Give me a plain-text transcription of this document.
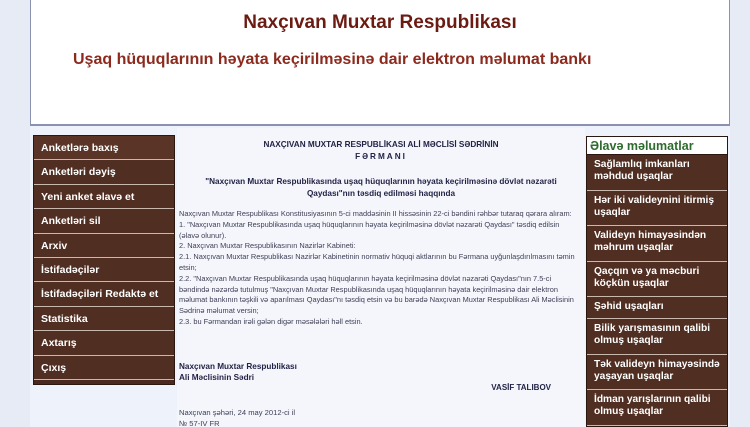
Naxçıvan Muxtar Respublikası
Uşaq hüquqlarının həyata keçirilməsinə dair elektron məlumat bankı
Anketlərə baxış
Anketləri dəyiş
Yeni anket əlavə et
Anketləri sil
Arxiv
İstifadəçilər
İstifadəçiləri Redaktə et
Statistika
Axtarış
Çıxış
NAXÇIVAN MUXTAR RESPUBLİKASI ALİ MƏCLİSİ SƏDRİNİN
FƏRMANI
"Naxçıvan Muxtar Respublikasında uşaq hüquqlarının həyata keçirilməsinə dövlət nəzarəti Qaydası"nın təsdiq edilməsi haqqında

Naxçıvan Muxtar Respublikası Konstitusiyasının 5-ci maddəsinin II hissəsinin 22-ci bəndini rəhbər tutaraq qərara alıram:

1. "Naxçıvan Muxtar Respublikasında uşaq hüquqlarının həyata keçirilməsinə dövlət nəzarəti Qaydası" təsdiq edilsin (əlavə olunur).

2. Naxçıvan Muxtar Respublikasının Nazirlər Kabineti:

2.1. Naxçıvan Muxtar Respublikası Nazirlər Kabinetinin normativ hüquqi aktlarının bu Fərmana uyğunlaşdırılmasını təmin etsin;

2.2. "Naxçıvan Muxtar Respublikasında uşaq hüquqlarının həyata keçirilməsinə dövlət nəzarəti Qaydası"nın 7.5-ci bəndində nəzərdə tutulmuş "Naxçıvan Muxtar Respublikasında uşaq hüquqlarının həyata keçirilməsinə dair elektron məlumat bankının təşkili və aparılması Qaydası"nı təsdiq etsin və bu barədə Naxçıvan Muxtar Respublikası Ali Məclisinin Sədrinə məlumat versin;

2.3. bu Fərmandan irəli gələn digər məsələləri həll etsin.

Naxçıvan Muxtar Respublikası
Ali Məclisinin Sədri
VASİF TALIBOV
Naxçıvan şəhəri, 24 may 2012-ci il
№ 57-IV FR
Əlavə məlumatlar
Sağlamlıq imkanları məhdud uşaqlar
Hər iki valideynini itirmiş uşaqlar
Valideyn himayəsindən məhrum uşaqlar
Qaçqın və ya məcburi köçkün uşaqlar
Şəhid uşaqları
Bilik yarışmasının qalibi olmuş uşaqlar
Tək valideyn himayəsində yaşayan uşaqlar
İdman yarışlarının qalibi olmuş uşaqlar
